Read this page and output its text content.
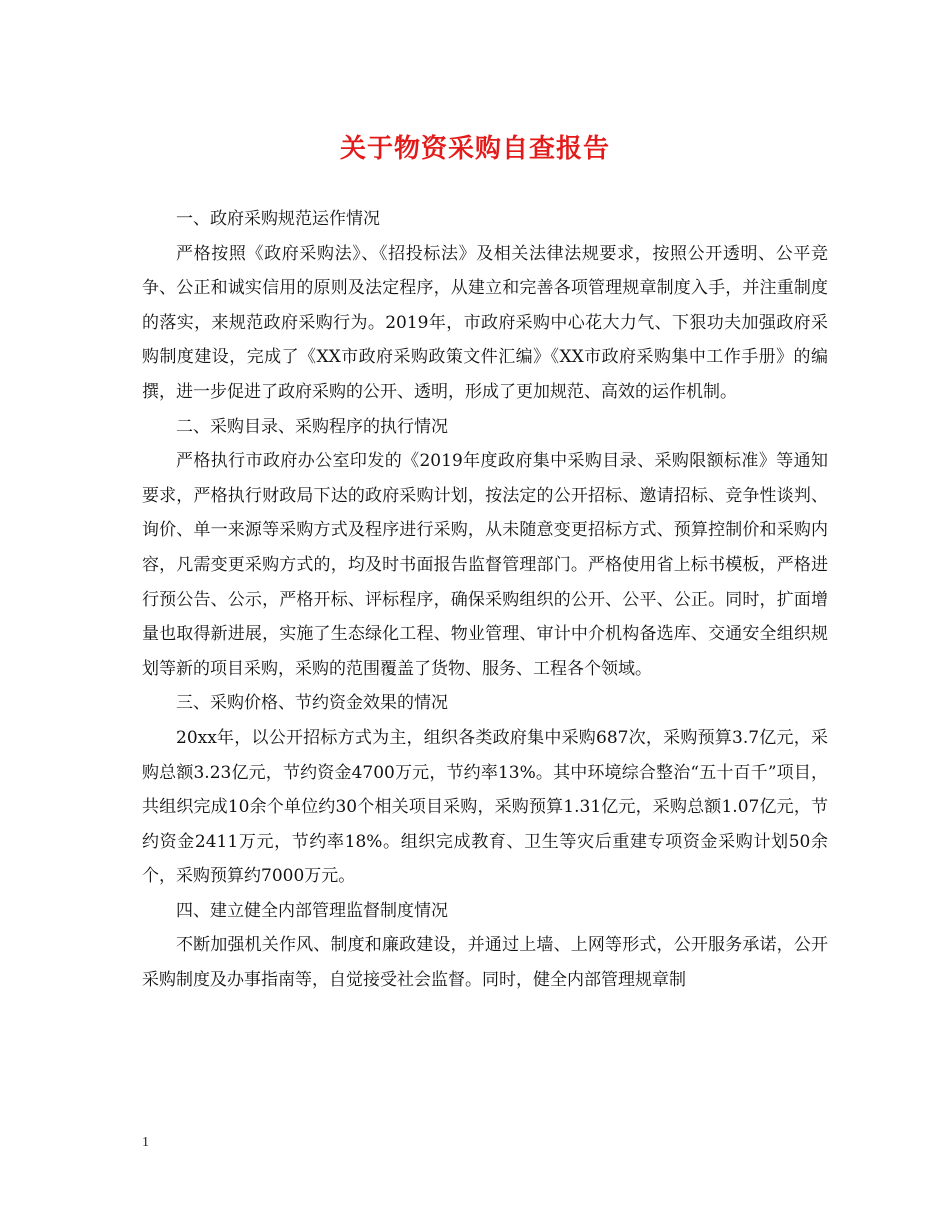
关于物资采购自查报告

一、政府采购规范运作情况

严格按照《政府采购法》、《招投标法》及相关法律法规要求，按照公开透明、公平竞争、公正和诚实信用的原则及法定程序，从建立和完善各项管理规章制度入手，并注重制度的落实，来规范政府采购行为。2019年，市政府采购中心花大力气、下狠功夫加强政府采购制度建设，完成了《XX市政府采购政策文件汇编》《XX市政府采购集中工作手册》的编撰，进一步促进了政府采购的公开、透明，形成了更加规范、高效的运作机制。

二、采购目录、采购程序的执行情况

严格执行市政府办公室印发的《2019年度政府集中采购目录、采购限额标准》等通知要求，严格执行财政局下达的政府采购计划，按法定的公开招标、邀请招标、竞争性谈判、询价、单一来源等采购方式及程序进行采购，从未随意变更招标方式、预算控制价和采购内容，凡需变更采购方式的，均及时书面报告监督管理部门。严格使用省上标书模板，严格进行预公告、公示，严格开标、评标程序，确保采购组织的公开、公平、公正。同时，扩面增量也取得新进展，实施了生态绿化工程、物业管理、审计中介机构备选库、交通安全组织规划等新的项目采购，采购的范围覆盖了货物、服务、工程各个领域。

三、采购价格、节约资金效果的情况

20xx年，以公开招标方式为主，组织各类政府集中采购687次，采购预算3.7亿元，采购总额3.23亿元，节约资金4700万元，节约率13%。其中环境综合整治“五十百千”项目，共组织完成10余个单位约30个相关项目采购，采购预算1.31亿元，采购总额1.07亿元，节约资金2411万元，节约率18%。组织完成教育、卫生等灾后重建专项资金采购计划50余个，采购预算约7000万元。

四、建立健全内部管理监督制度情况

不断加强机关作风、制度和廉政建设，并通过上墙、上网等形式，公开服务承诺，公开采购制度及办事指南等，自觉接受社会监督。同时，健全内部管理规章制

1
